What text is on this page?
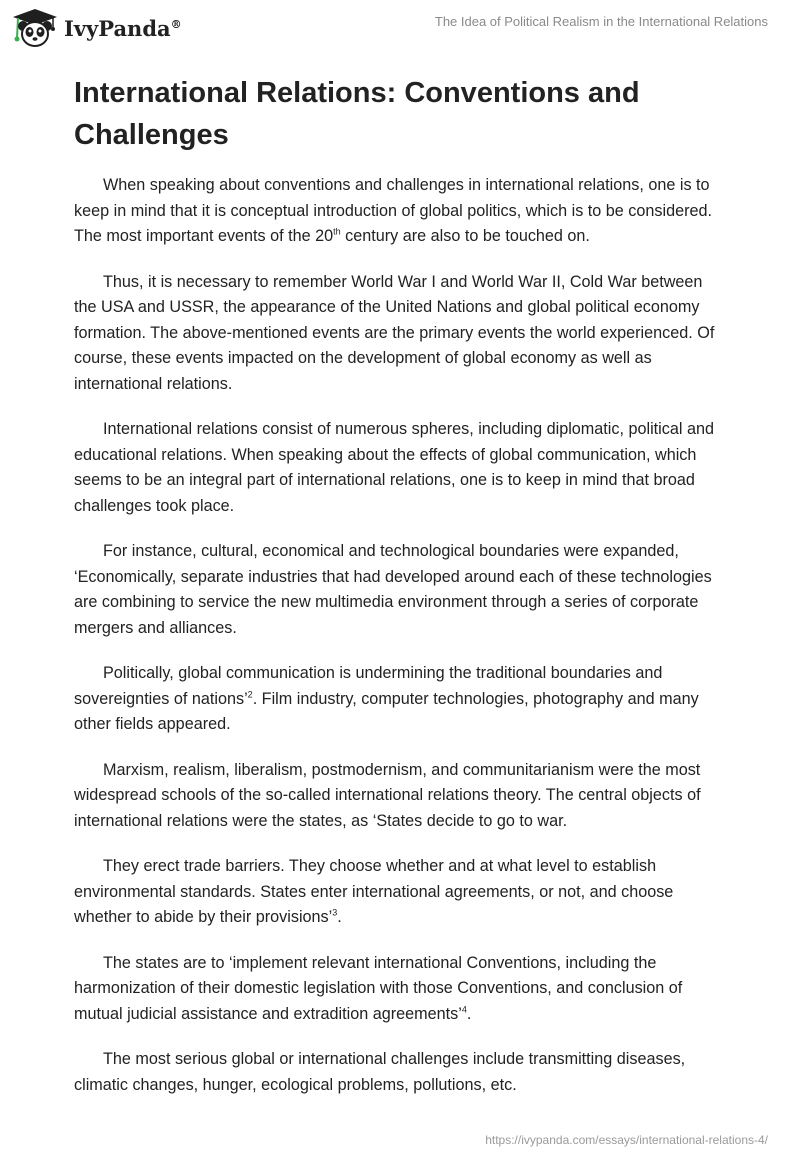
IvyPanda®	The Idea of Political Realism in the International Relations
International Relations: Conventions and Challenges

When speaking about conventions and challenges in international relations, one is to keep in mind that it is conceptual introduction of global politics, which is to be considered. The most important events of the 20th century are also to be touched on.

Thus, it is necessary to remember World War I and World War II, Cold War between the USA and USSR, the appearance of the United Nations and global political economy formation. The above-mentioned events are the primary events the world experienced. Of course, these events impacted on the development of global economy as well as international relations.

International relations consist of numerous spheres, including diplomatic, political and educational relations. When speaking about the effects of global communication, which seems to be an integral part of international relations, one is to keep in mind that broad challenges took place.

For instance, cultural, economical and technological boundaries were expanded, ‘Economically, separate industries that had developed around each of these technologies are combining to service the new multimedia environment through a series of corporate mergers and alliances.

Politically, global communication is undermining the traditional boundaries and sovereignties of nations’$^2$. Film industry, computer technologies, photography and many other fields appeared.

Marxism, realism, liberalism, postmodernism, and communitarianism were the most widespread schools of the so-called international relations theory. The central objects of international relations were the states, as ‘States decide to go to war.

They erect trade barriers. They choose whether and at what level to establish environmental standards. States enter international agreements, or not, and choose whether to abide by their provisions’$^3$.

The states are to ‘implement relevant international Conventions, including the harmonization of their domestic legislation with those Conventions, and conclusion of mutual judicial assistance and extradition agreements’$^4$.

The most serious global or international challenges include transmitting diseases, climatic changes, hunger, ecological problems, pollutions, etc.

https://ivypanda.com/essays/international-relations-4/
